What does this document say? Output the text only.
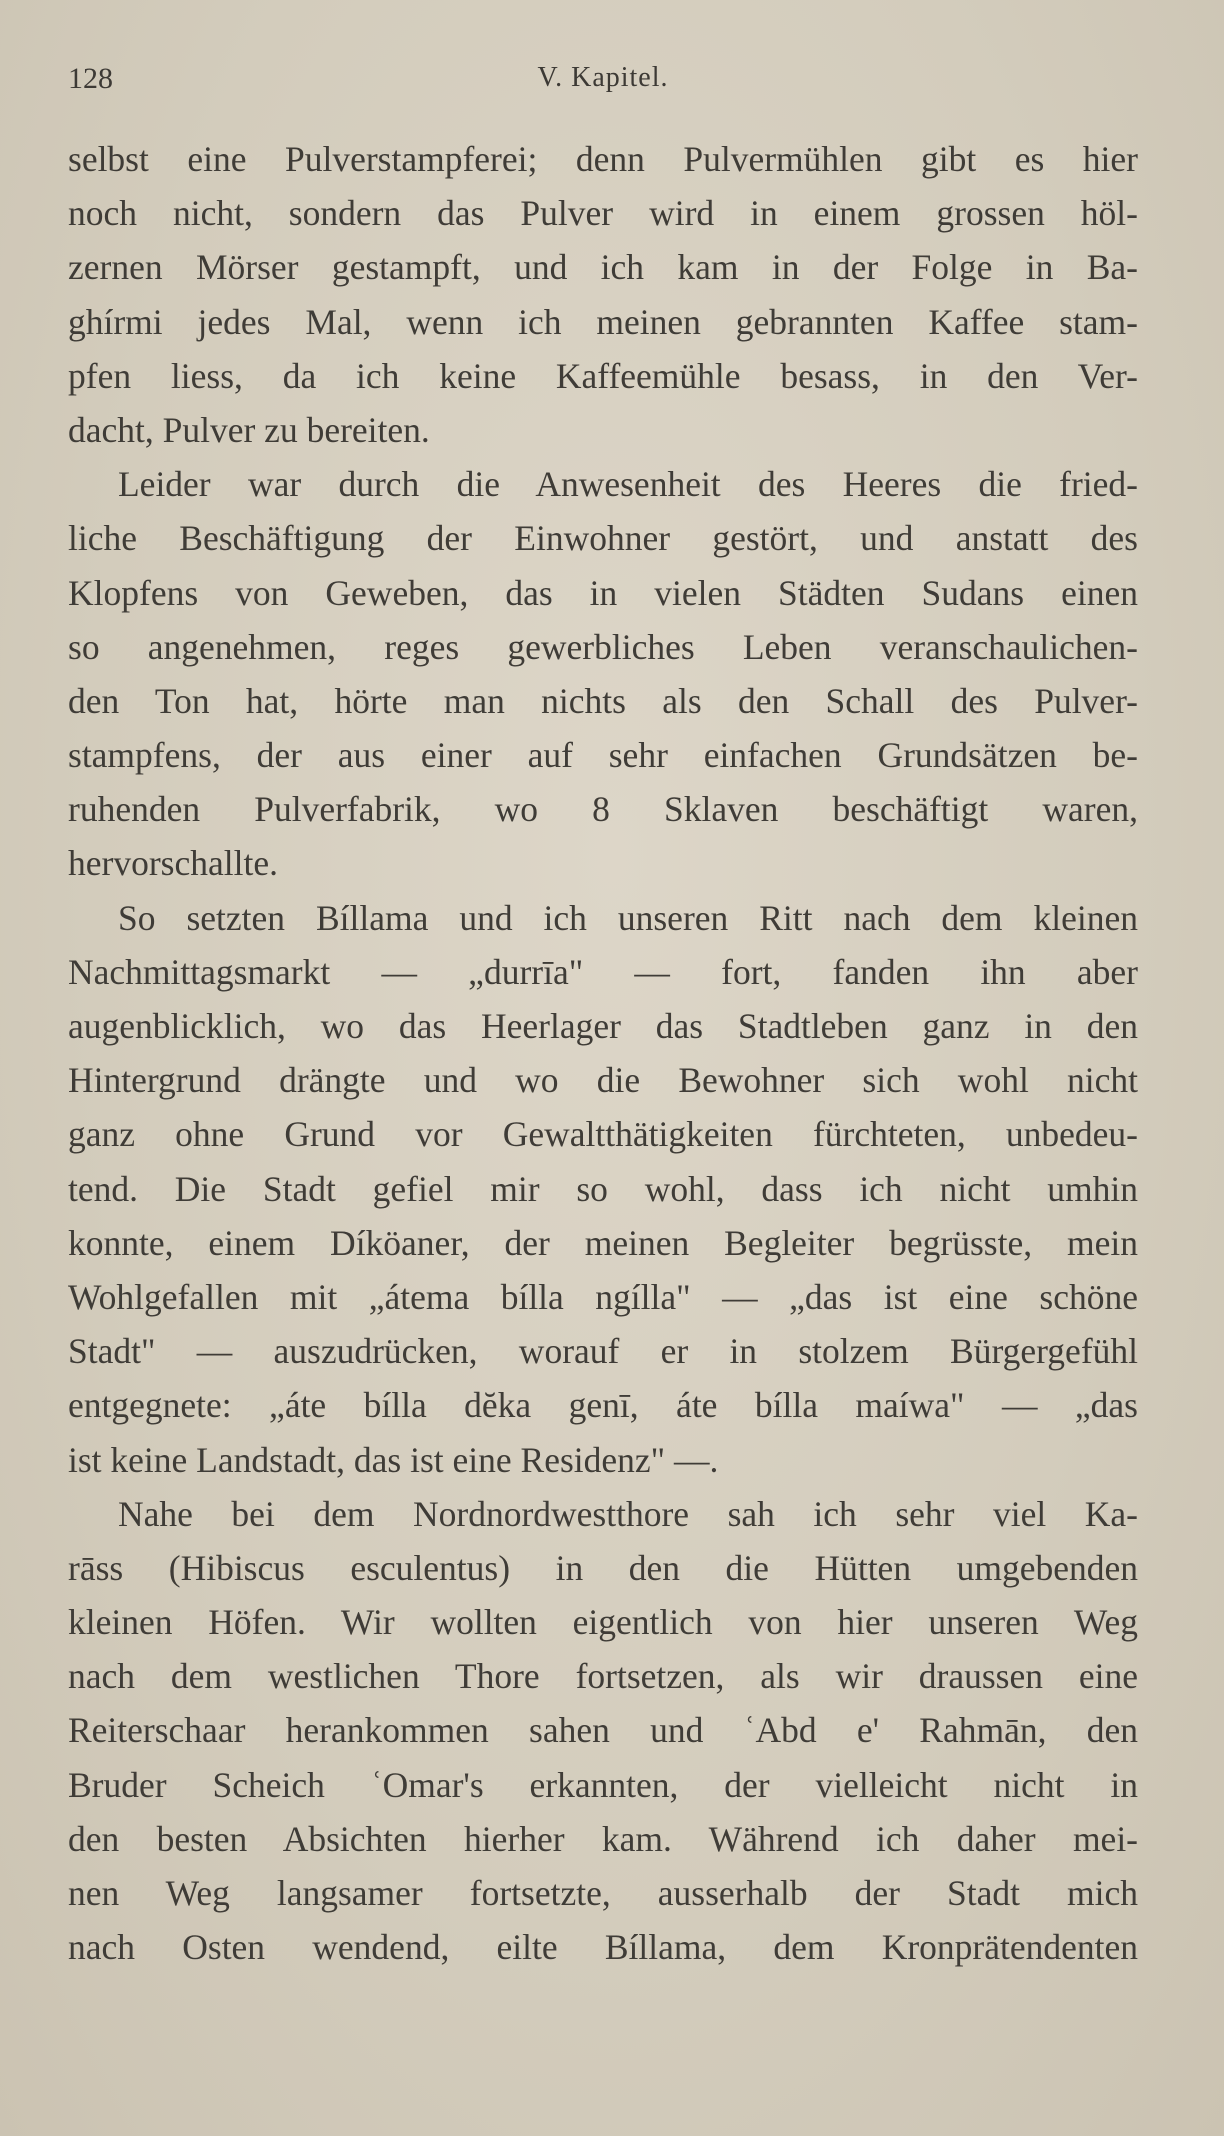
128	V. Kapitel.

selbst eine Pulverstampferei; denn Pulvermühlen gibt es hier
noch nicht, sondern das Pulver wird in einem grossen höl-
zernen Mörser gestampft, und ich kam in der Folge in Ba-
ghírmi jedes Mal, wenn ich meinen gebrannten Kaffee stam-
pfen liess, da ich keine Kaffeemühle besass, in den Ver-
dacht, Pulver zu bereiten.

Leider war durch die Anwesenheit des Heeres die fried-
liche Beschäftigung der Einwohner gestört, und anstatt des
Klopfens von Geweben, das in vielen Städten Sudans einen
so angenehmen, reges gewerbliches Leben veranschaulichen-
den Ton hat, hörte man nichts als den Schall des Pulver-
stampfens, der aus einer auf sehr einfachen Grundsätzen be-
ruhenden Pulverfabrik, wo 8 Sklaven beschäftigt waren,
hervorschallte.

So setzten Bíllama und ich unseren Ritt nach dem kleinen
Nachmittagsmarkt — „durrīa" — fort, fanden ihn aber
augenblicklich, wo das Heerlager das Stadtleben ganz in den
Hintergrund drängte und wo die Bewohner sich wohl nicht
ganz ohne Grund vor Gewaltthätigkeiten fürchteten, unbedeu-
tend. Die Stadt gefiel mir so wohl, dass ich nicht umhin
konnte, einem Díköaner, der meinen Begleiter begrüsste, mein
Wohlgefallen mit „átema bílla ngílla" — „das ist eine schöne
Stadt" — auszudrücken, worauf er in stolzem Bürgergefühl
entgegnete: „áte bílla dĕka genī, áte bílla maíwa" — „das
ist keine Landstadt, das ist eine Residenz" —.

Nahe bei dem Nordnordwestthore sah ich sehr viel Ka-
rāss (Hibiscus esculentus) in den die Hütten umgebenden
kleinen Höfen. Wir wollten eigentlich von hier unseren Weg
nach dem westlichen Thore fortsetzen, als wir draussen eine
Reiterschaar herankommen sahen und ʿAbd e' Rahmān, den
Bruder Scheich ʿOmar's erkannten, der vielleicht nicht in
den besten Absichten hierher kam. Während ich daher mei-
nen Weg langsamer fortsetzte, ausserhalb der Stadt mich
nach Osten wendend, eilte Bíllama, dem Kronprätendenten
